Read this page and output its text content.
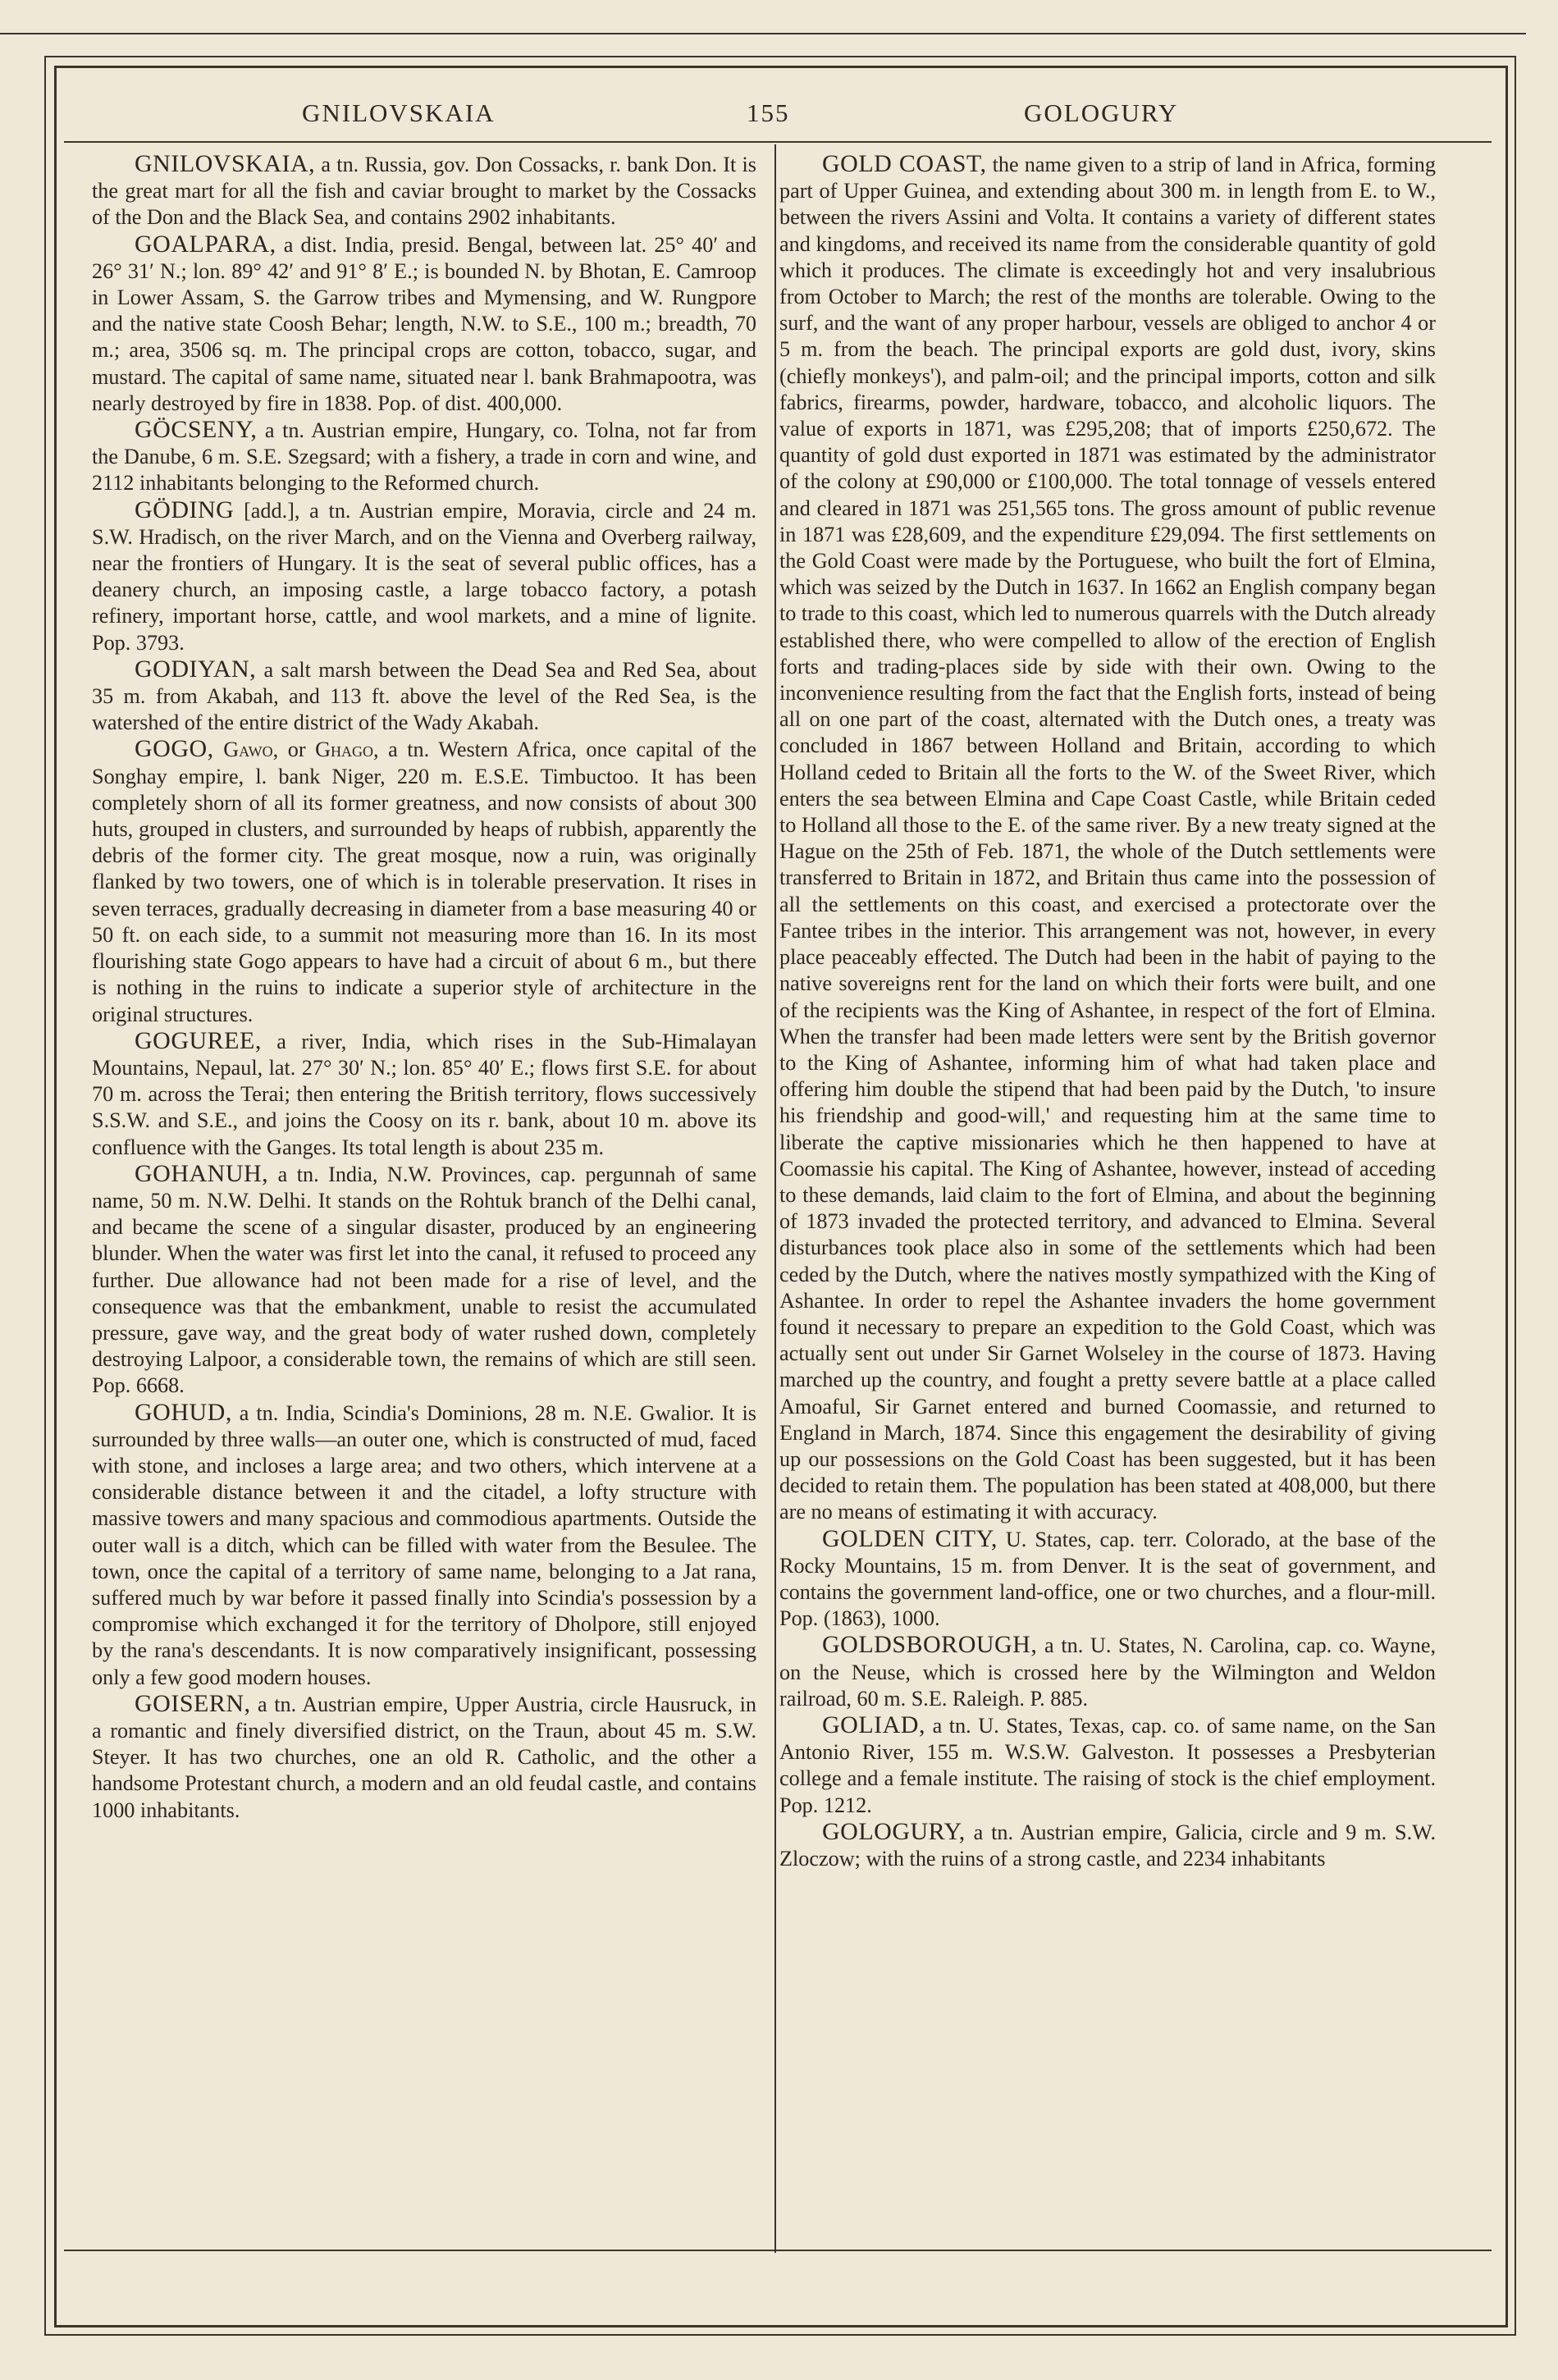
GNILOVSKAIA	155	GOLOGURY

GNILOVSKAIA, a tn. Russia, gov. Don Cossacks, r. bank Don. It is the great mart for all the fish and caviar brought to market by the Cossacks of the Don and the Black Sea, and contains 2902 inhabitants.

GOALPARA, a dist. India, presid. Bengal, between lat. 25° 40′ and 26° 31′ N.; lon. 89° 42′ and 91° 8′ E.; is bounded N. by Bhotan, E. Camroop in Lower Assam, S. the Garrow tribes and Mymensing, and W. Rungpore and the native state Coosh Behar; length, N.W. to S.E., 100 m.; breadth, 70 m.; area, 3506 sq. m. The principal crops are cotton, tobacco, sugar, and mustard. The capital of same name, situated near l. bank Brahmapootra, was nearly destroyed by fire in 1838. Pop. of dist. 400,000.

GÖCSENY, a tn. Austrian empire, Hungary, co. Tolna, not far from the Danube, 6 m. S.E. Szegsard; with a fishery, a trade in corn and wine, and 2112 inhabitants belonging to the Reformed church.

GÖDING [add.], a tn. Austrian empire, Moravia, circle and 24 m. S.W. Hradisch, on the river March, and on the Vienna and Overberg railway, near the frontiers of Hungary. It is the seat of several public offices, has a deanery church, an imposing castle, a large tobacco factory, a potash refinery, important horse, cattle, and wool markets, and a mine of lignite. Pop. 3793.

GODIYAN, a salt marsh between the Dead Sea and Red Sea, about 35 m. from Akabah, and 113 ft. above the level of the Red Sea, is the watershed of the entire district of the Wady Akabah.

GOGO, Gawo, or Ghago, a tn. Western Africa, once capital of the Songhay empire, l. bank Niger, 220 m. E.S.E. Timbuctoo. It has been completely shorn of all its former greatness, and now consists of about 300 huts, grouped in clusters, and surrounded by heaps of rubbish, apparently the debris of the former city. The great mosque, now a ruin, was originally flanked by two towers, one of which is in tolerable preservation. It rises in seven terraces, gradually decreasing in diameter from a base measuring 40 or 50 ft. on each side, to a summit not measuring more than 16. In its most flourishing state Gogo appears to have had a circuit of about 6 m., but there is nothing in the ruins to indicate a superior style of architecture in the original structures.

GOGUREE, a river, India, which rises in the Sub-Himalayan Mountains, Nepaul, lat. 27° 30′ N.; lon. 85° 40′ E.; flows first S.E. for about 70 m. across the Terai; then entering the British territory, flows successively S.S.W. and S.E., and joins the Coosy on its r. bank, about 10 m. above its confluence with the Ganges. Its total length is about 235 m.

GOHANUH, a tn. India, N.W. Provinces, cap. pergunnah of same name, 50 m. N.W. Delhi. It stands on the Rohtuk branch of the Delhi canal, and became the scene of a singular disaster, produced by an engineering blunder. When the water was first let into the canal, it refused to proceed any further. Due allowance had not been made for a rise of level, and the consequence was that the embankment, unable to resist the accumulated pressure, gave way, and the great body of water rushed down, completely destroying Lalpoor, a considerable town, the remains of which are still seen. Pop. 6668.

GOHUD, a tn. India, Scindia's Dominions, 28 m. N.E. Gwalior. It is surrounded by three walls—an outer one, which is constructed of mud, faced with stone, and incloses a large area; and two others, which intervene at a considerable distance between it and the citadel, a lofty structure with massive towers and many spacious and commodious apartments. Outside the outer wall is a ditch, which can be filled with water from the Besulee. The town, once the capital of a territory of same name, belonging to a Jat rana, suffered much by war before it passed finally into Scindia's possession by a compromise which exchanged it for the territory of Dholpore, still enjoyed by the rana's descendants. It is now comparatively insignificant, possessing only a few good modern houses.

GOISERN, a tn. Austrian empire, Upper Austria, circle Hausruck, in a romantic and finely diversified district, on the Traun, about 45 m. S.W. Steyer. It has two churches, one an old R. Catholic, and the other a handsome Protestant church, a modern and an old feudal castle, and contains 1000 inhabitants.

GOLD COAST, the name given to a strip of land in Africa, forming part of Upper Guinea, and extending about 300 m. in length from E. to W., between the rivers Assini and Volta. It contains a variety of different states and kingdoms, and received its name from the considerable quantity of gold which it produces. The climate is exceedingly hot and very insalubrious from October to March; the rest of the months are tolerable. Owing to the surf, and the want of any proper harbour, vessels are obliged to anchor 4 or 5 m. from the beach. The principal exports are gold dust, ivory, skins (chiefly monkeys'), and palm-oil; and the principal imports, cotton and silk fabrics, firearms, powder, hardware, tobacco, and alcoholic liquors. The value of exports in 1871, was £295,208; that of imports £250,672. The quantity of gold dust exported in 1871 was estimated by the administrator of the colony at £90,000 or £100,000. The total tonnage of vessels entered and cleared in 1871 was 251,565 tons. The gross amount of public revenue in 1871 was £28,609, and the expenditure £29,094. The first settlements on the Gold Coast were made by the Portuguese, who built the fort of Elmina, which was seized by the Dutch in 1637. In 1662 an English company began to trade to this coast, which led to numerous quarrels with the Dutch already established there, who were compelled to allow of the erection of English forts and trading-places side by side with their own. Owing to the inconvenience resulting from the fact that the English forts, instead of being all on one part of the coast, alternated with the Dutch ones, a treaty was concluded in 1867 between Holland and Britain, according to which Holland ceded to Britain all the forts to the W. of the Sweet River, which enters the sea between Elmina and Cape Coast Castle, while Britain ceded to Holland all those to the E. of the same river. By a new treaty signed at the Hague on the 25th of Feb. 1871, the whole of the Dutch settlements were transferred to Britain in 1872, and Britain thus came into the possession of all the settlements on this coast, and exercised a protectorate over the Fantee tribes in the interior. This arrangement was not, however, in every place peaceably effected. The Dutch had been in the habit of paying to the native sovereigns rent for the land on which their forts were built, and one of the recipients was the King of Ashantee, in respect of the fort of Elmina. When the transfer had been made letters were sent by the British governor to the King of Ashantee, informing him of what had taken place and offering him double the stipend that had been paid by the Dutch, 'to insure his friendship and good-will,' and requesting him at the same time to liberate the captive missionaries which he then happened to have at Coomassie his capital. The King of Ashantee, however, instead of acceding to these demands, laid claim to the fort of Elmina, and about the beginning of 1873 invaded the protected territory, and advanced to Elmina. Several disturbances took place also in some of the settlements which had been ceded by the Dutch, where the natives mostly sympathized with the King of Ashantee. In order to repel the Ashantee invaders the home government found it necessary to prepare an expedition to the Gold Coast, which was actually sent out under Sir Garnet Wolseley in the course of 1873. Having marched up the country, and fought a pretty severe battle at a place called Amoaful, Sir Garnet entered and burned Coomassie, and returned to England in March, 1874. Since this engagement the desirability of giving up our possessions on the Gold Coast has been suggested, but it has been decided to retain them. The population has been stated at 408,000, but there are no means of estimating it with accuracy.

GOLDEN CITY, U. States, cap. terr. Colorado, at the base of the Rocky Mountains, 15 m. from Denver. It is the seat of government, and contains the government land-office, one or two churches, and a flour-mill. Pop. (1863), 1000.

GOLDSBOROUGH, a tn. U. States, N. Carolina, cap. co. Wayne, on the Neuse, which is crossed here by the Wilmington and Weldon railroad, 60 m. S.E. Raleigh. P. 885.

GOLIAD, a tn. U. States, Texas, cap. co. of same name, on the San Antonio River, 155 m. W.S.W. Galveston. It possesses a Presbyterian college and a female institute. The raising of stock is the chief employment. Pop. 1212.

GOLOGURY, a tn. Austrian empire, Galicia, circle and 9 m. S.W. Zloczow; with the ruins of a strong castle, and 2234 inhabitants
